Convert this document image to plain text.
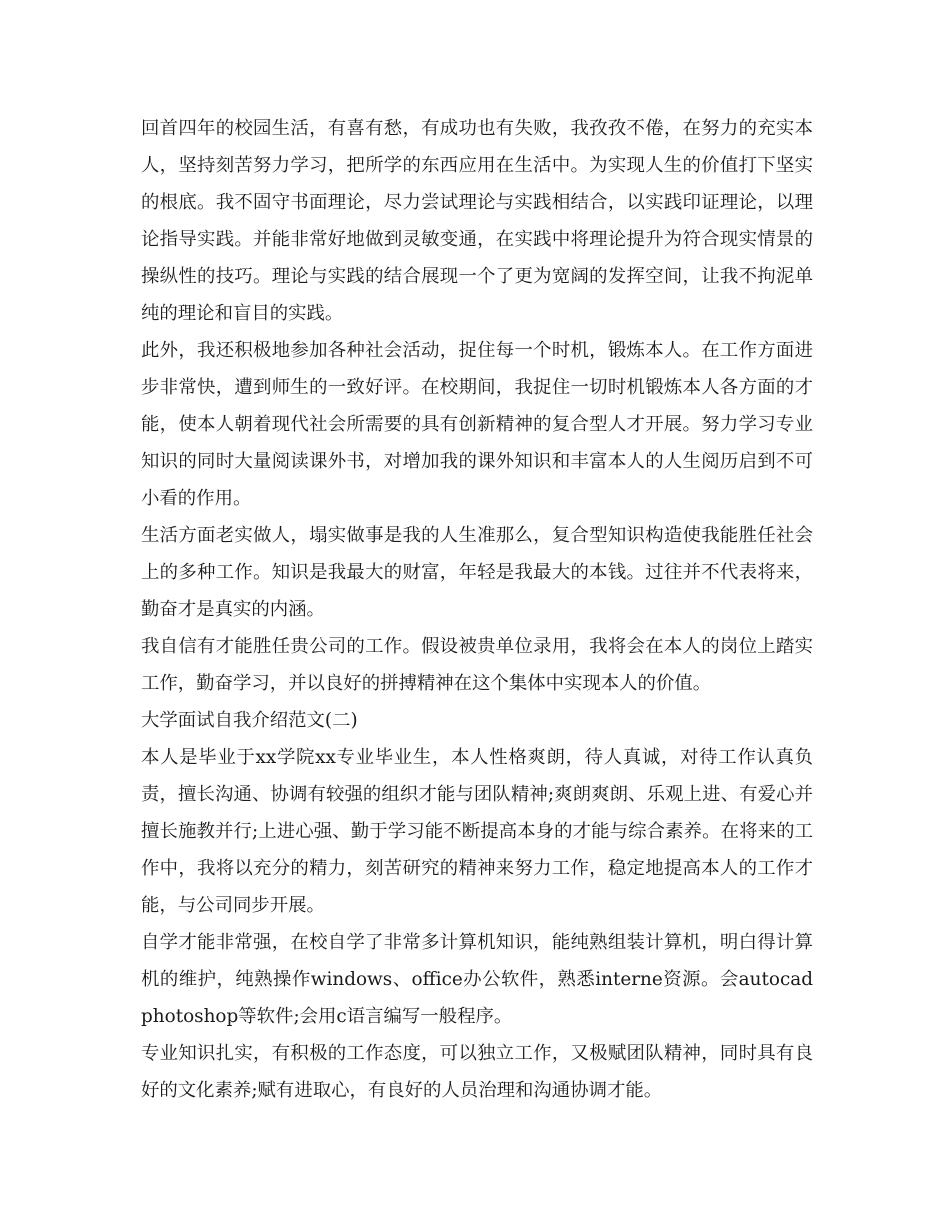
回首四年的校园生活，有喜有愁，有成功也有失败，我孜孜不倦，在努力的充实本人，坚持刻苦努力学习，把所学的东西应用在生活中。为实现人生的价值打下坚实的根底。我不固守书面理论，尽力尝试理论与实践相结合，以实践印证理论，以理论指导实践。并能非常好地做到灵敏变通，在实践中将理论提升为符合现实情景的操纵性的技巧。理论与实践的结合展现一个了更为宽阔的发挥空间，让我不拘泥单纯的理论和盲目的实践。

此外，我还积极地参加各种社会活动，捉住每一个时机，锻炼本人。在工作方面进步非常快，遭到师生的一致好评。在校期间，我捉住一切时机锻炼本人各方面的才能，使本人朝着现代社会所需要的具有创新精神的复合型人才开展。努力学习专业知识的同时大量阅读课外书，对增加我的课外知识和丰富本人的人生阅历启到不可小看的作用。

生活方面老实做人，塌实做事是我的人生准那么，复合型知识构造使我能胜任社会上的多种工作。知识是我最大的财富，年轻是我最大的本钱。过往并不代表将来，勤奋才是真实的内涵。

我自信有才能胜任贵公司的工作。假设被贵单位录用，我将会在本人的岗位上踏实工作，勤奋学习，并以良好的拼搏精神在这个集体中实现本人的价值。

大学面试自我介绍范文(二)

本人是毕业于xx学院xx专业毕业生，本人性格爽朗，待人真诚，对待工作认真负责，擅长沟通、协调有较强的组织才能与团队精神;爽朗爽朗、乐观上进、有爱心并擅长施教并行;上进心强、勤于学习能不断提高本身的才能与综合素养。在将来的工作中，我将以充分的精力，刻苦研究的精神来努力工作，稳定地提高本人的工作才能，与公司同步开展。

自学才能非常强，在校自学了非常多计算机知识，能纯熟组装计算机，明白得计算机的维护，纯熟操作windows、office办公软件，熟悉interne资源。会autocadphotoshop等软件;会用c语言编写一般程序。

专业知识扎实，有积极的工作态度，可以独立工作，又极赋团队精神，同时具有良好的文化素养;赋有进取心，有良好的人员治理和沟通协调才能。
